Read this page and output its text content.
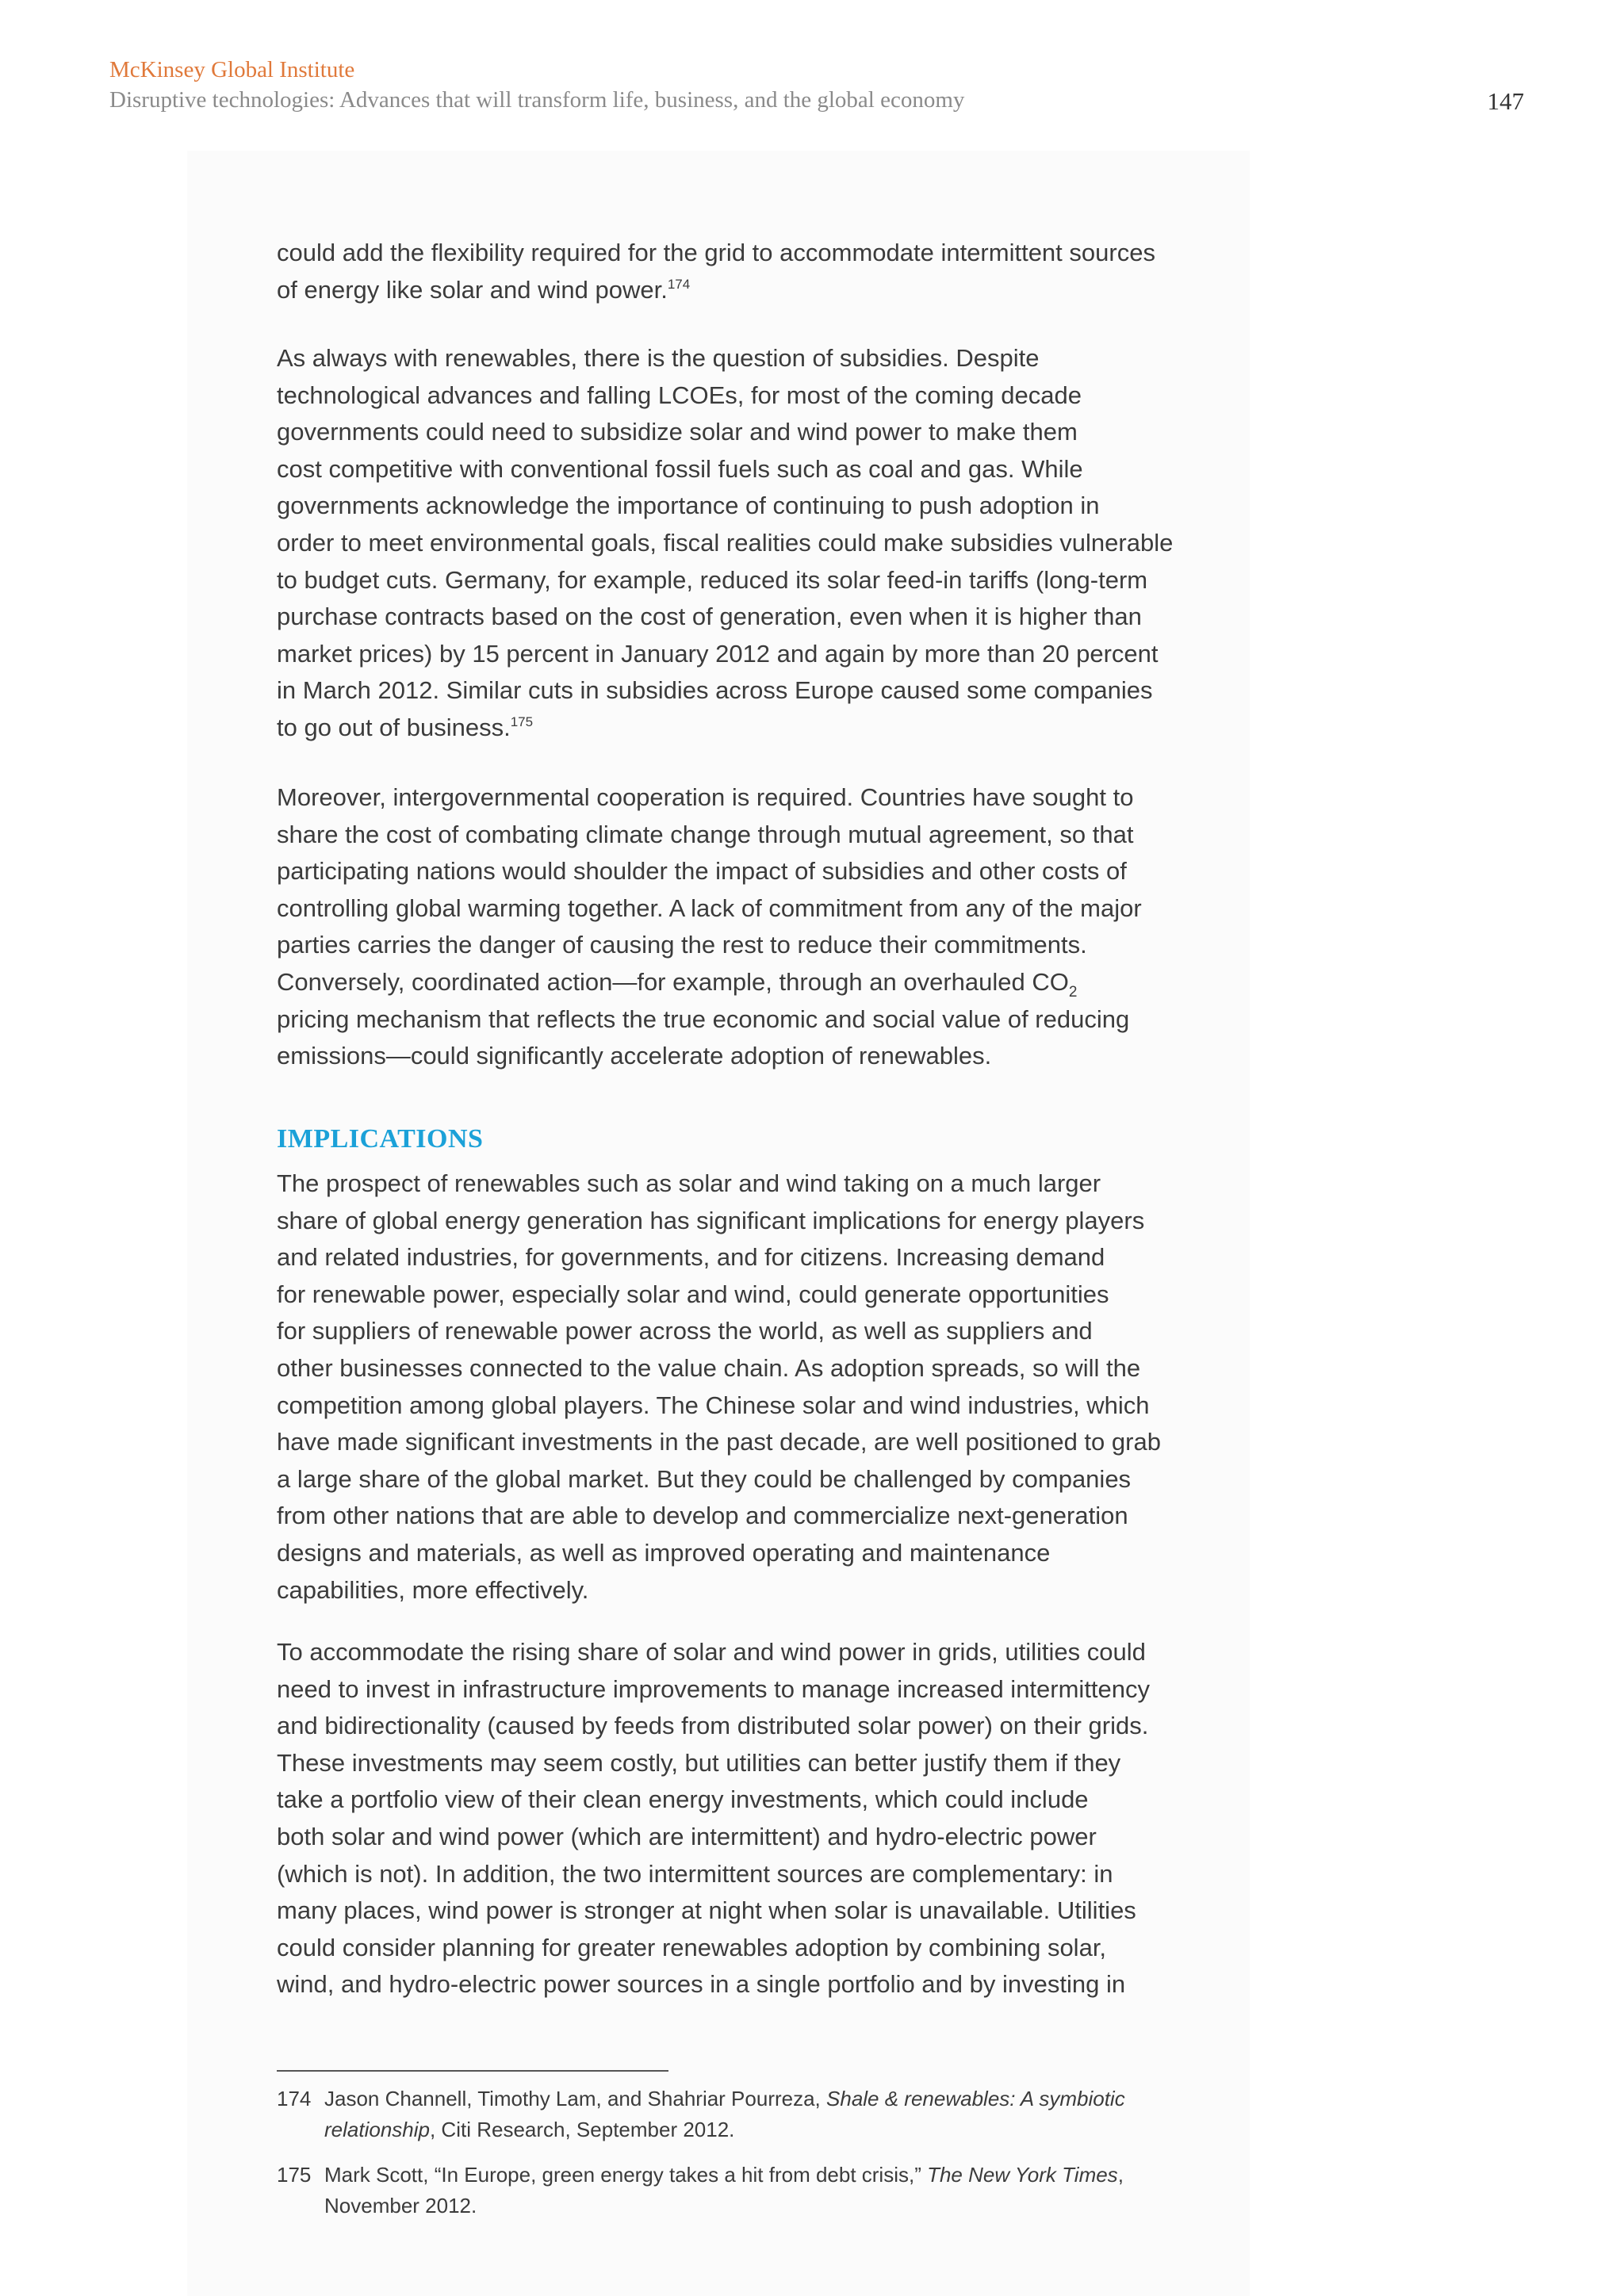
McKinsey Global Institute
Disruptive technologies: Advances that will transform life, business, and the global economy	147

could add the flexibility required for the grid to accommodate intermittent sources
of energy like solar and wind power.$^{174}$

As always with renewables, there is the question of subsidies. Despite
technological advances and falling LCOEs, for most of the coming decade
governments could need to subsidize solar and wind power to make them
cost competitive with conventional fossil fuels such as coal and gas. While
governments acknowledge the importance of continuing to push adoption in
order to meet environmental goals, fiscal realities could make subsidies vulnerable
to budget cuts. Germany, for example, reduced its solar feed-in tariffs (long-term
purchase contracts based on the cost of generation, even when it is higher than
market prices) by 15 percent in January 2012 and again by more than 20 percent
in March 2012. Similar cuts in subsidies across Europe caused some companies
to go out of business.$^{175}$

Moreover, intergovernmental cooperation is required. Countries have sought to
share the cost of combating climate change through mutual agreement, so that
participating nations would shoulder the impact of subsidies and other costs of
controlling global warming together. A lack of commitment from any of the major
parties carries the danger of causing the rest to reduce their commitments.
Conversely, coordinated action—for example, through an overhauled $CO_2$
pricing mechanism that reflects the true economic and social value of reducing
emissions—could significantly accelerate adoption of renewables.

IMPLICATIONS

The prospect of renewables such as solar and wind taking on a much larger
share of global energy generation has significant implications for energy players
and related industries, for governments, and for citizens. Increasing demand
for renewable power, especially solar and wind, could generate opportunities
for suppliers of renewable power across the world, as well as suppliers and
other businesses connected to the value chain. As adoption spreads, so will the
competition among global players. The Chinese solar and wind industries, which
have made significant investments in the past decade, are well positioned to grab
a large share of the global market. But they could be challenged by companies
from other nations that are able to develop and commercialize next-generation
designs and materials, as well as improved operating and maintenance
capabilities, more effectively.

To accommodate the rising share of solar and wind power in grids, utilities could
need to invest in infrastructure improvements to manage increased intermittency
and bidirectionality (caused by feeds from distributed solar power) on their grids.
These investments may seem costly, but utilities can better justify them if they
take a portfolio view of their clean energy investments, which could include
both solar and wind power (which are intermittent) and hydro-electric power
(which is not). In addition, the two intermittent sources are complementary: in
many places, wind power is stronger at night when solar is unavailable. Utilities
could consider planning for greater renewables adoption by combining solar,
wind, and hydro-electric power sources in a single portfolio and by investing in

174 Jason Channell, Timothy Lam, and Shahriar Pourreza, Shale & renewables: A symbiotic
relationship, Citi Research, September 2012.
175 Mark Scott, “In Europe, green energy takes a hit from debt crisis,” The New York Times,
November 2012.
